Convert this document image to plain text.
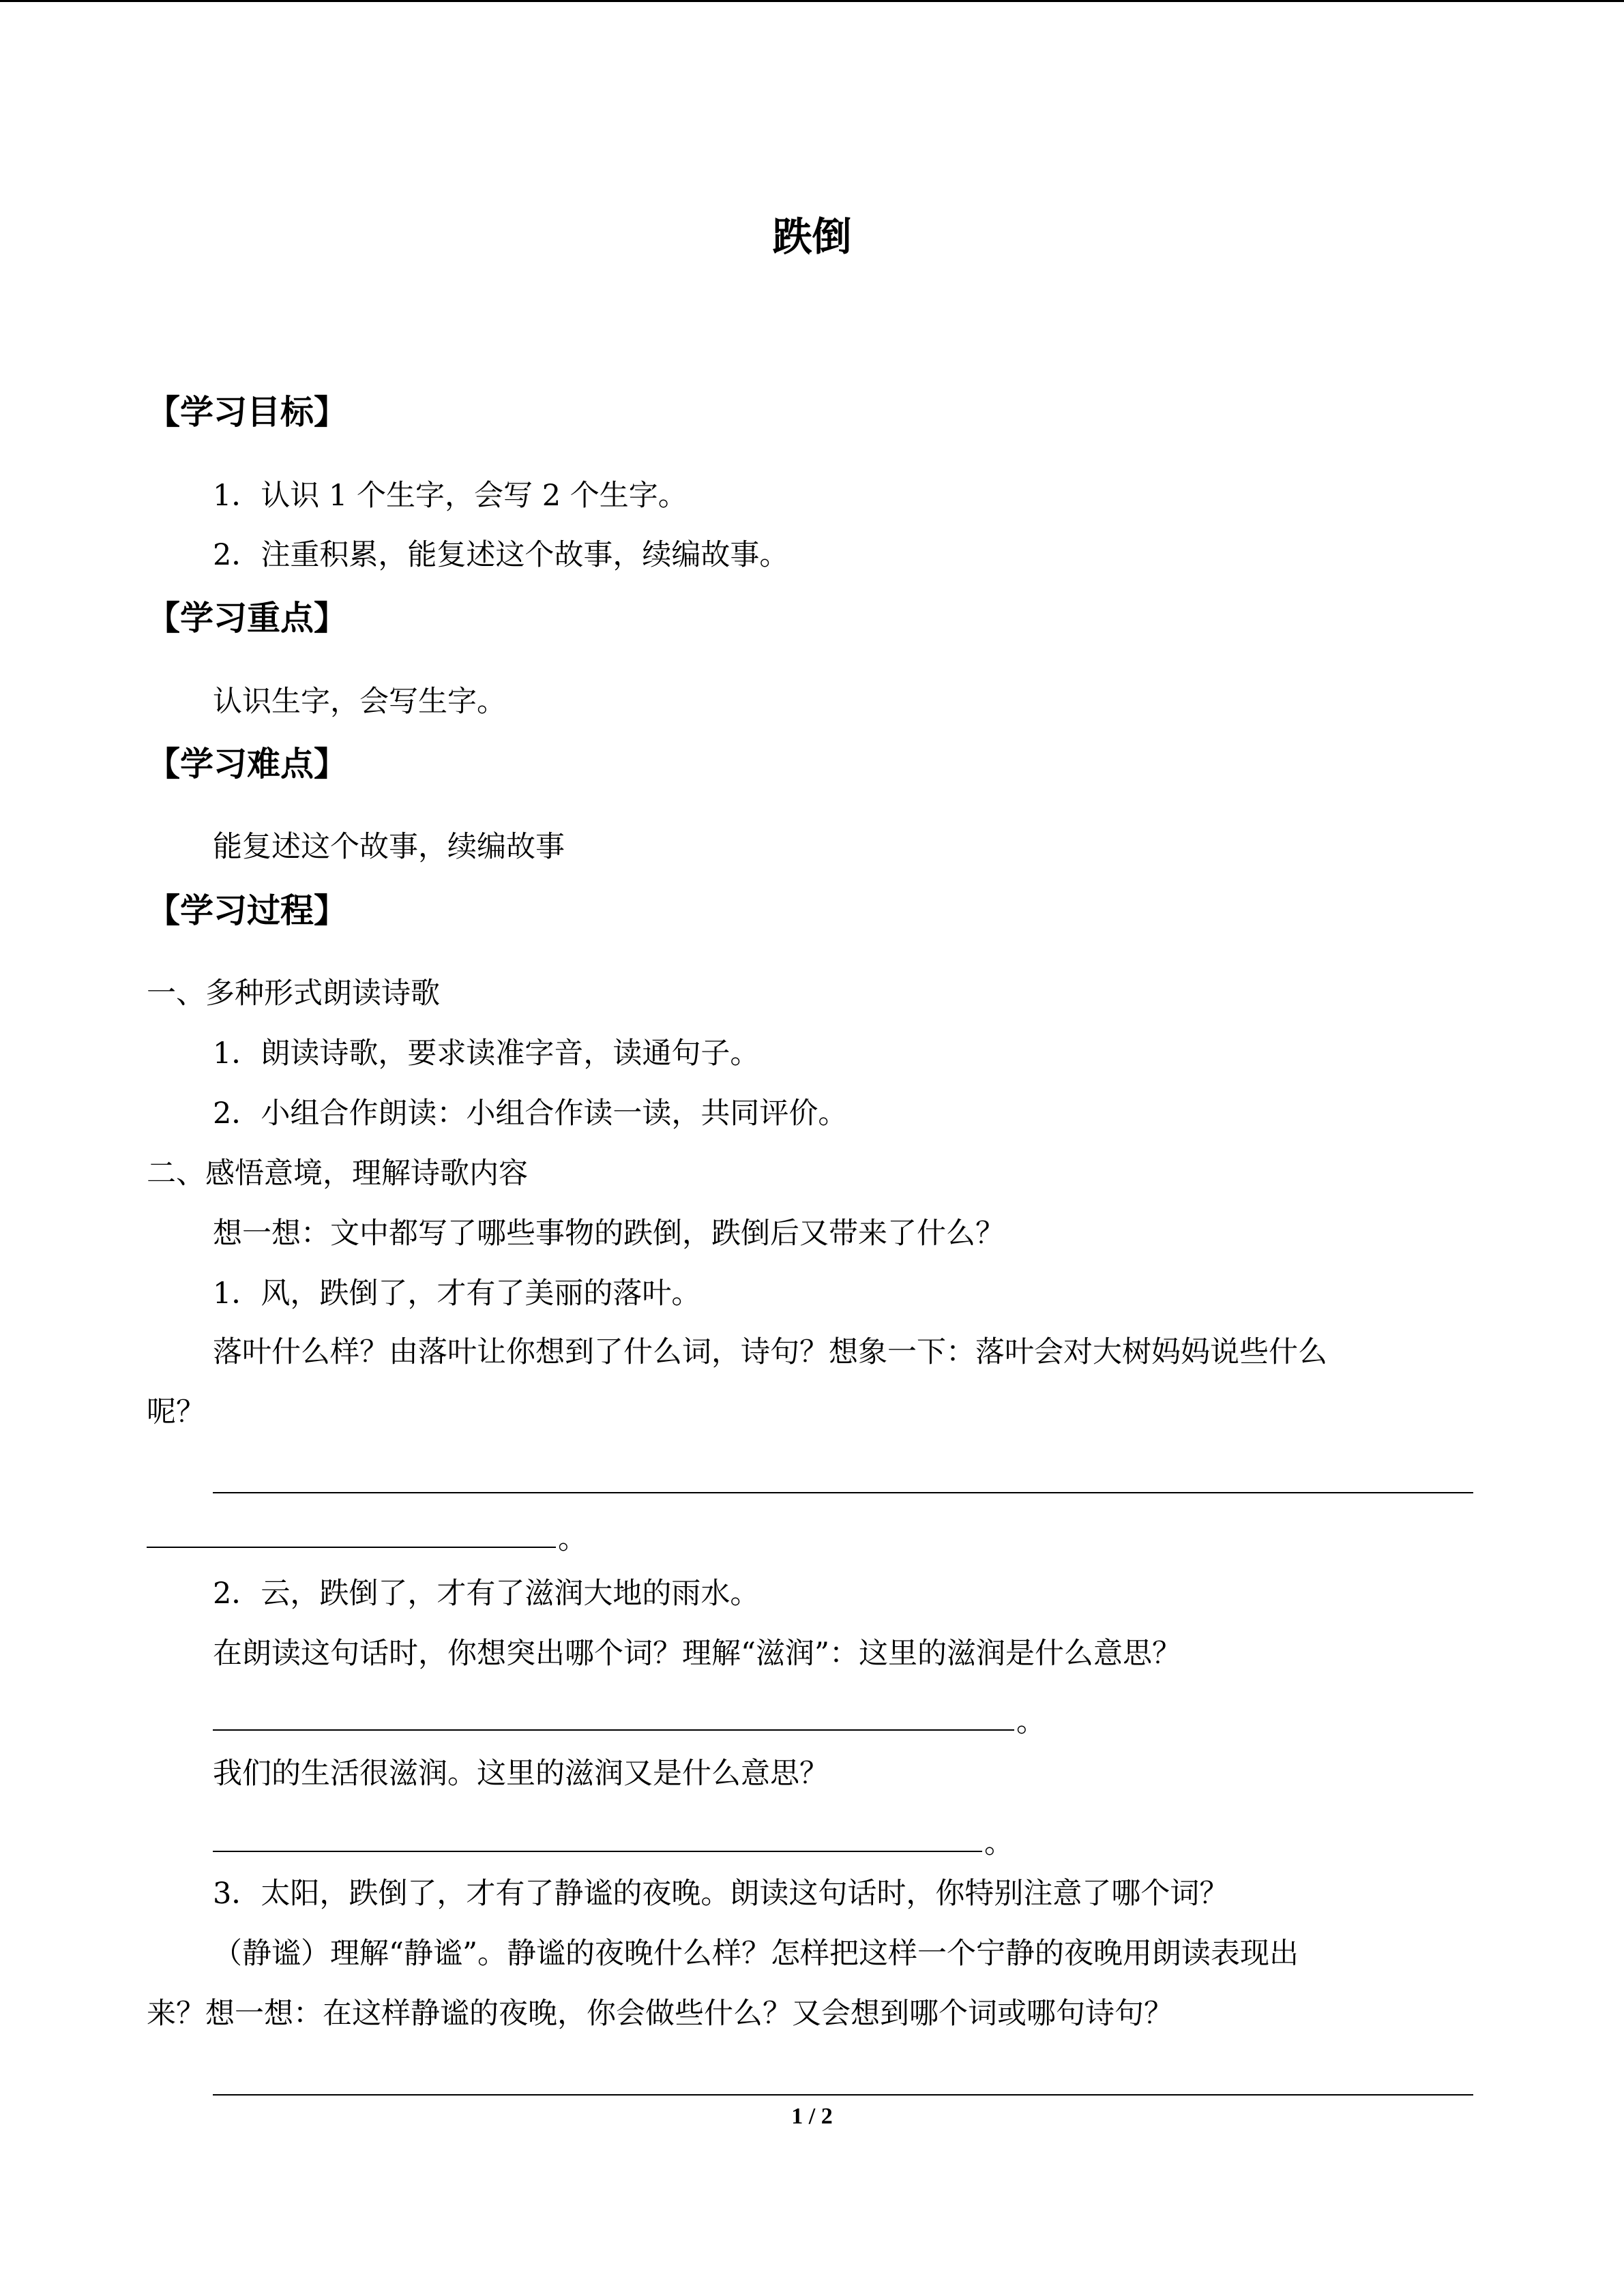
跌倒
【学习目标】
1．认识 1 个生字，会写 2 个生字。
2．注重积累，能复述这个故事，续编故事。
【学习重点】
认识生字，会写生字。
【学习难点】
能复述这个故事，续编故事
【学习过程】
一、多种形式朗读诗歌
1．朗读诗歌，要求读准字音，读通句子。
2．小组合作朗读：小组合作读一读，共同评价。
二、感悟意境，理解诗歌内容
想一想：文中都写了哪些事物的跌倒，跌倒后又带来了什么？
1．风，跌倒了，才有了美丽的落叶。
落叶什么样？由落叶让你想到了什么词，诗句？想象一下：落叶会对大树妈妈说些什么
呢？
。
2．云，跌倒了，才有了滋润大地的雨水。
在朗读这句话时，你想突出哪个词？理解“滋润”：这里的滋润是什么意思？
。
我们的生活很滋润。这里的滋润又是什么意思？
。
3．太阳，跌倒了，才有了静谧的夜晚。朗读这句话时，你特别注意了哪个词？
（静谧）理解“静谧”。静谧的夜晚什么样？怎样把这样一个宁静的夜晚用朗读表现出
来？想一想：在这样静谧的夜晚，你会做些什么？又会想到哪个词或哪句诗句？
1 / 2
